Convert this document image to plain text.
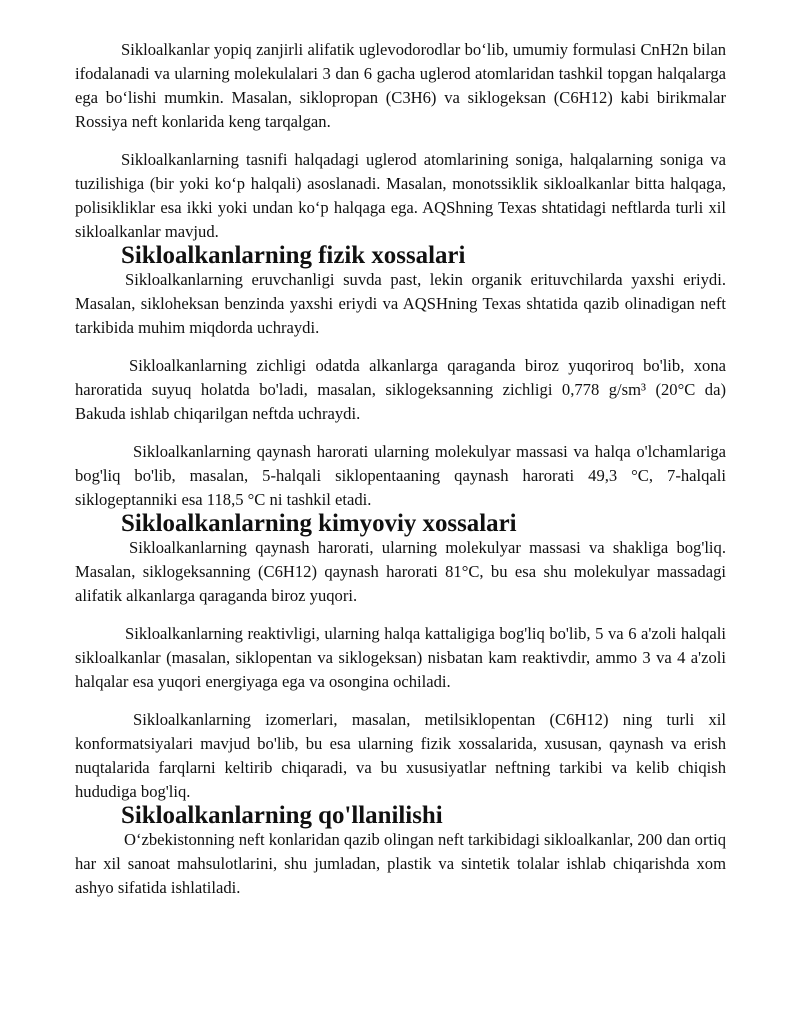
Sikloalkanlar yopiq zanjirli alifatik uglevodorodlar bo‘lib, umumiy formulasi CnH2n bilan ifodalanadi va ularning molekulalari 3 dan 6 gacha uglerod atomlaridan tashkil topgan halqalarga ega bo‘lishi mumkin. Masalan, siklopropan (C3H6) va siklogeksan (C6H12) kabi birikmalar Rossiya neft konlarida keng tarqalgan.

Sikloalkanlarning tasnifi halqadagi uglerod atomlarining soniga, halqalarning soniga va tuzilishiga (bir yoki ko‘p halqali) asoslanadi. Masalan, monotssiklik sikloalkanlar bitta halqaga, polisikliklar esa ikki yoki undan ko‘p halqaga ega. AQShning Texas shtatidagi neftlarda turli xil sikloalkanlar mavjud.

Sikloalkanlarning fizik xossalari

Sikloalkanlarning eruvchanligi suvda past, lekin organik erituvchilarda yaxshi eriydi. Masalan, sikloheksan benzinda yaxshi eriydi va AQSHning Texas shtatida qazib olinadigan neft tarkibida muhim miqdorda uchraydi.

Sikloalkanlarning zichligi odatda alkanlarga qaraganda biroz yuqoriroq bo'lib, xona haroratida suyuq holatda bo'ladi, masalan, siklogeksanning zichligi 0,778 g/sm³ (20°C da) Bakuda ishlab chiqarilgan neftda uchraydi.

Sikloalkanlarning qaynash harorati ularning molekulyar massasi va halqa o'lchamlariga bog'liq bo'lib, masalan, 5-halqali siklopentaaning qaynash harorati 49,3 °C, 7-halqali siklogeptanniki esa 118,5 °C ni tashkil etadi.

Sikloalkanlarning kimyoviy xossalari

Sikloalkanlarning qaynash harorati, ularning molekulyar massasi va shakliga bog'liq. Masalan, siklogeksanning (C6H12) qaynash harorati 81°C, bu esa shu molekulyar massadagi alifatik alkanlarga qaraganda biroz yuqori.

Sikloalkanlarning reaktivligi, ularning halqa kattaligiga bog'liq bo'lib, 5 va 6 a'zoli halqali sikloalkanlar (masalan, siklopentan va siklogeksan) nisbatan kam reaktivdir, ammo 3 va 4 a'zoli halqalar esa yuqori energiyaga ega va osongina ochiladi.

Sikloalkanlarning izomerlari, masalan, metilsiklopentan (C6H12) ning turli xil konformatsiyalari mavjud bo'lib, bu esa ularning fizik xossalarida, xususan, qaynash va erish nuqtalarida farqlarni keltirib chiqaradi, va bu xususiyatlar neftning tarkibi va kelib chiqish hududiga bog'liq.

Sikloalkanlarning qo'llanilishi

O‘zbekistonning neft konlaridan qazib olingan neft tarkibidagi sikloalkanlar, 200 dan ortiq har xil sanoat mahsulotlarini, shu jumladan, plastik va sintetik tolalar ishlab chiqarishda xom ashyo sifatida ishlatiladi.
